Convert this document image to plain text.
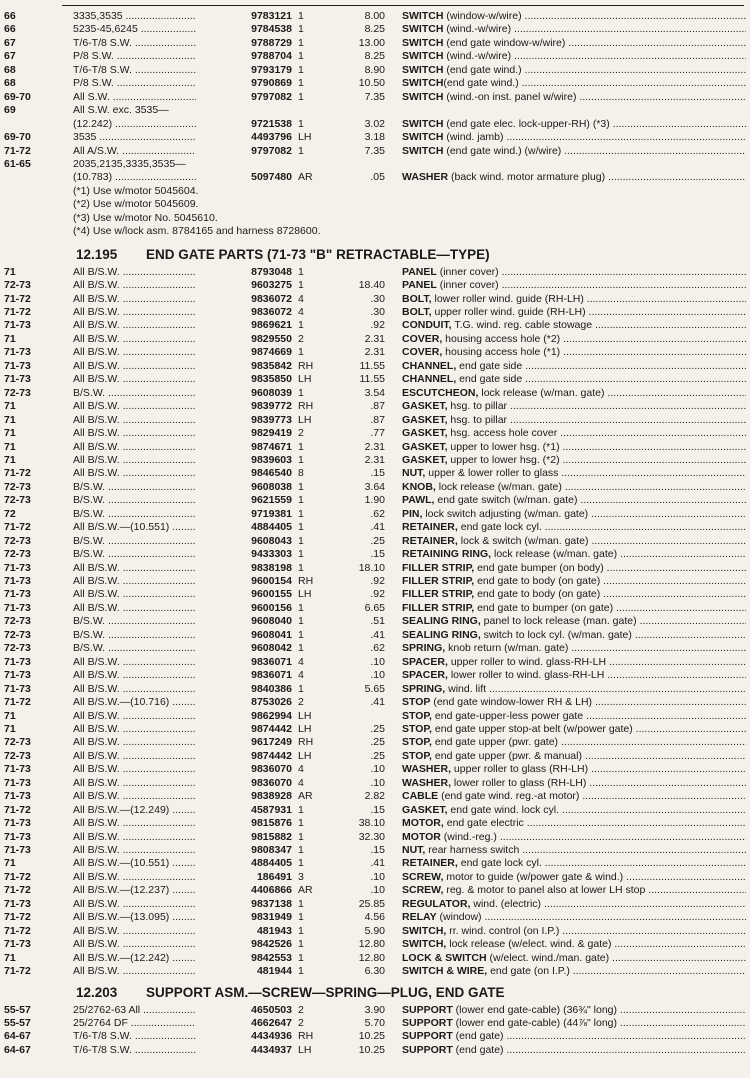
66	3335,3535 .....	9783121 1	8.00 SWITCH (window-w/wire) .....
66	5235-45,6245 .....	9784538 1	8.25 SWITCH (wind.-w/wire) .....
67	T/6-T/8 S.W. .....	9788729 1	13.00 SWITCH (end gate window-w/wire) .....
67	P/8 S.W. .....	9788704 1	8.25 SWITCH (wind.-w/wire) .....
68	T/6-T/8 S.W. .....	9793179 1	8.90 SWITCH (end gate wind.) .....
68	P/8 S.W. .....	9790869 1	10.50 SWITCH(end gate wind.) .....
69-70	All S.W. .....	9797082 1	7.35 SWITCH (wind.-on inst. panel w/wire) .....
69	All S.W. exc. 3535—
(12.242) .....	9721538 1	3.02 SWITCH (end gate elec. lock-upper-RH) (*3) .....
69-70	3535 .....	4493796 LH	3.18 SWITCH (wind. jamb) .....
71-72	All A/S.W. .....	9797082 1	7.35 SWITCH (end gate wind.) (w/wire) .....
61-65	2035,2135,3335,3535—
(10.783) .....	5097480 AR	.05 WASHER (back wind. motor armature plug) .....
(*1) Use w/motor 5045604.
(*2) Use w/motor 5045609.
(*3) Use w/motor No. 5045610.
(*4) Use w/lock asm. 8784165 and harness 8728600.
12.195 END GATE PARTS (71-73 "B" RETRACTABLE—TYPE)
71	All B/S.W. .....	8793048 1	PANEL (inner cover) .....
72-73	All B/S.W. .....	9603275 1	18.40 PANEL (inner cover) .....
71-72	All B/S.W. .....	9836072 4	.30 BOLT, lower roller wind. guide (RH-LH) .....
71-72	All B/S.W. .....	9836072 4	.30 BOLT, upper roller wind. guide (RH-LH) .....
71-73	All B/S.W. .....	9869621 1	.92 CONDUIT, T.G. wind. reg. cable stowage .....
71	All B/S.W. .....	9829550 2	2.31 COVER, housing access hole (*2) .....
71-73	All B/S.W. .....	9874669 1	2.31 COVER, housing access hole (*1) .....
71-73	All B/S.W. .....	9835842 RH	11.55 CHANNEL, end gate side .....
71-73	All B/S.W. .....	9835850 LH	11.55 CHANNEL, end gate side .....
72-73	B/S.W. .....	9608039 1	3.54 ESCUTCHEON, lock release (w/man. gate) .....
71	All B/S.W. .....	9839772 RH	.87 GASKET, hsg. to pillar .....
71	All B/S.W. .....	9839773 LH	.87 GASKET, hsg. to pillar .....
71	All B/S.W. .....	9829419 2	.77 GASKET, hsg. access hole cover .....
71	All B/S.W. .....	9874671 1	2.31 GASKET, upper to lower hsg. (*1) .....
71	All B/S.W. .....	9839603 1	2.31 GASKET, upper to lower hsg. (*2) .....
71-72	All B/S.W. .....	9846540 8	.15 NUT, upper & lower roller to glass .....
72-73	B/S.W. .....	9608038 1	3.64 KNOB, lock release (w/man. gate) .....
72-73	B/S.W. .....	9621559 1	1.90 PAWL, end gate switch (w/man. gate) .....
72	B/S.W. .....	9719381 1	.62 PIN, lock switch adjusting (w/man. gate) .....
71-72	All B/S.W.—(10.551) .....	4884405 1	.41 RETAINER, end gate lock cyl. .....
72-73	B/S.W. .....	9608043 1	.25 RETAINER, lock & switch (w/man. gate) .....
72-73	B/S.W. .....	9433303 1	.15 RETAINING RING, lock release (w/man. gate) .....
71-73	All B/S.W. .....	9838198 1	18.10 FILLER STRIP, end gate bumper (on body) .....
71-73	All B/S.W. .....	9600154 RH	.92 FILLER STRIP, end gate to body (on gate) .....
71-73	All B/S.W. .....	9600155 LH	.92 FILLER STRIP, end gate to body (on gate) .....
71-73	All B/S.W. .....	9600156 1	6.65 FILLER STRIP, end gate to bumper (on gate) .....
72-73	B/S.W. .....	9608040 1	.51 SEALING RING, panel to lock release (man. gate) .....
72-73	B/S.W. .....	9608041 1	.41 SEALING RING, switch to lock cyl. (w/man. gate) .....
72-73	B/S.W. .....	9608042 1	.62 SPRING, knob return (w/man. gate) .....
71-73	All B/S.W. .....	9836071 4	.10 SPACER, upper roller to wind. glass-RH-LH .....
71-73	All B/S.W. .....	9836071 4	.10 SPACER, lower roller to wind. glass-RH-LH .....
71-73	All B/S.W. .....	9840386 1	5.65 SPRING, wind. lift .....
71-72	All B/S.W.—(10.716) .....	8753026 2	.41 STOP (end gate window-lower RH & LH) .....
71	All B/S.W. .....	9862994 LH	STOP, end gate-upper-less power gate .....
71	All B/S.W. .....	9874442 LH	.25 STOP, end gate upper stop-at belt (w/power gate) .....
72-73	All B/S.W. .....	9617249 RH	.25 STOP, end gate upper (pwr. gate) .....
72-73	All B/S.W. .....	9874442 LH	.25 STOP, end gate upper (pwr. & manual) .....
71-73	All B/S.W. .....	9836070 4	.10 WASHER, upper roller to glass (RH-LH) .....
71-73	All B/S.W. .....	9836070 4	.10 WASHER, lower roller to glass (RH-LH) .....
71-73	All B/S.W. .....	9838928 AR	2.82 CABLE (end gate wind. reg.-at motor) .....
71-72	All B/S.W.—(12.249) .....	4587931 1	.15 GASKET, end gate wind. lock cyl. .....
71-73	All B/S.W. .....	9815876 1	38.10 MOTOR, end gate electric .....
71-73	All B/S.W. .....	9815882 1	32.30 MOTOR (wind.-reg.) .....
71-73	All B/S.W. .....	9808347 1	.15 NUT, rear harness switch .....
71	All B/S.W.—(10.551) .....	4884405 1	.41 RETAINER, end gate lock cyl. .....
71-72	All B/S.W. .....	186491 3	.10 SCREW, motor to guide (w/power gate & wind.) .....
71-72	All B/S.W.—(12.237) .....	4406866 AR	.10 SCREW, reg. & motor to panel also at lower LH stop .....
71-73	All B/S.W. .....	9837138 1	25.85 REGULATOR, wind. (electric) .....
71-72	All B/S.W.—(13.095) .....	9831949 1	4.56 RELAY (window) .....
71-72	All B/S.W. .....	481943 1	5.90 SWITCH, rr. wind. control (on I.P.) .....
71-73	All B/S.W. .....	9842526 1	12.80 SWITCH, lock release (w/elect. wind. & gate) .....
71	All B/S.W.—(12.242) .....	9842553 1	12.80 LOCK & SWITCH (w/elect. wind./man. gate) .....
71-72	All B/S.W. .....	481944 1	6.30 SWITCH & WIRE, end gate (on I.P.) .....
12.203 SUPPORT ASM.—SCREW—SPRING—PLUG, END GATE
55-57	25/2762-63 All .....	4650503 2	3.90 SUPPORT (lower end gate-cable) (36¾" long) .....
55-57	25/2764 DF .....	4662647 2	5.70 SUPPORT (lower end gate-cable) (44⅞" long) .....
64-67	T/6-T/8 S.W. .....	4434936 RH	10.25 SUPPORT (end gate) .....
64-67	T/6-T/8 S.W. .....	4434937 LH	10.25 SUPPORT (end gate) .....
